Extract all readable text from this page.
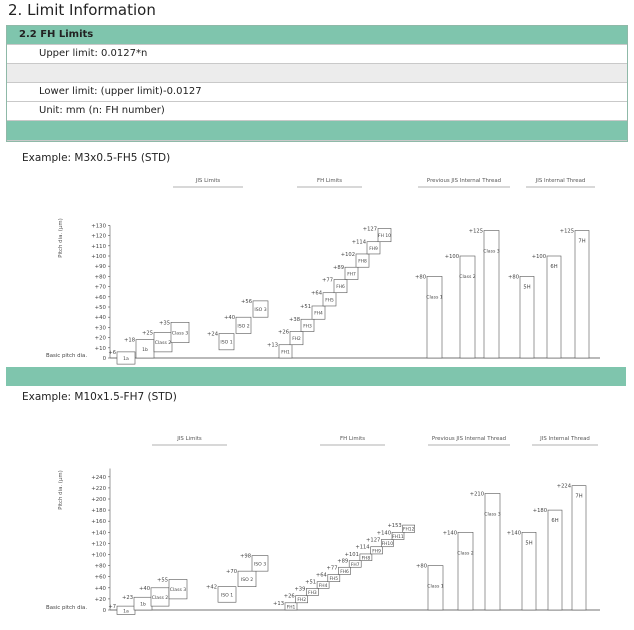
2. Limit Information
2.2 FH Limits
Upper limit: 0.0127*n
Lower limit: (upper limit)-0.0127
Unit: mm (n: FH number)
Example: M3x0.5-FH5 (STD)
JIS Limits	FH Limits	Previous JIS Internal Thread	JIS Internal Thread
Pitch dia. (μm)
0
+10
+20
+30
+40
+50
+60
+70
+80
+90
+100
+110
+120
+130
Basic pitch dia.
1a
+6	1b
+18
Class 2
+25	Class 3
+35
ISO 1
+24
ISO 2
+40
ISO 3
+56
FH1
+13
FH2
+26
FH3
+38
FH4
+51
FH5
+64
FH6
+77
FH7
+89
FH8
+102
FH9
+114
FH 10
+127
Class 1
+80	Class 2
+100
Class 3
+125
5H
+80
6H
+100
7H
+125
Example: M10x1.5-FH7 (STD)
JIS Limits	FH Limits	Previous JIS Internal Thread	JIS Internal Thread
Pitch dia. (μm)
0
+20
+40
+60
+80
+100
+120
+140
+160
+180
+200
+220
+240
Basic pitch dia.
1a
+7	1b
+23	Class 2
+40	Class 3
+55
ISO 1
+42
ISO 2
+70
ISO 3
+98
FH1
+13
FH2
+26
FH3
+39	FH4
+51
FH5
+64
FH6
+77	FH7
+89	FH8
+101
FH9
+114
FH10
+127
FH11
+140
FH12
+153
Class 1
+80
Class 2
+140
Class 3
+210
5H
+140
6H
+180
7H
+224
